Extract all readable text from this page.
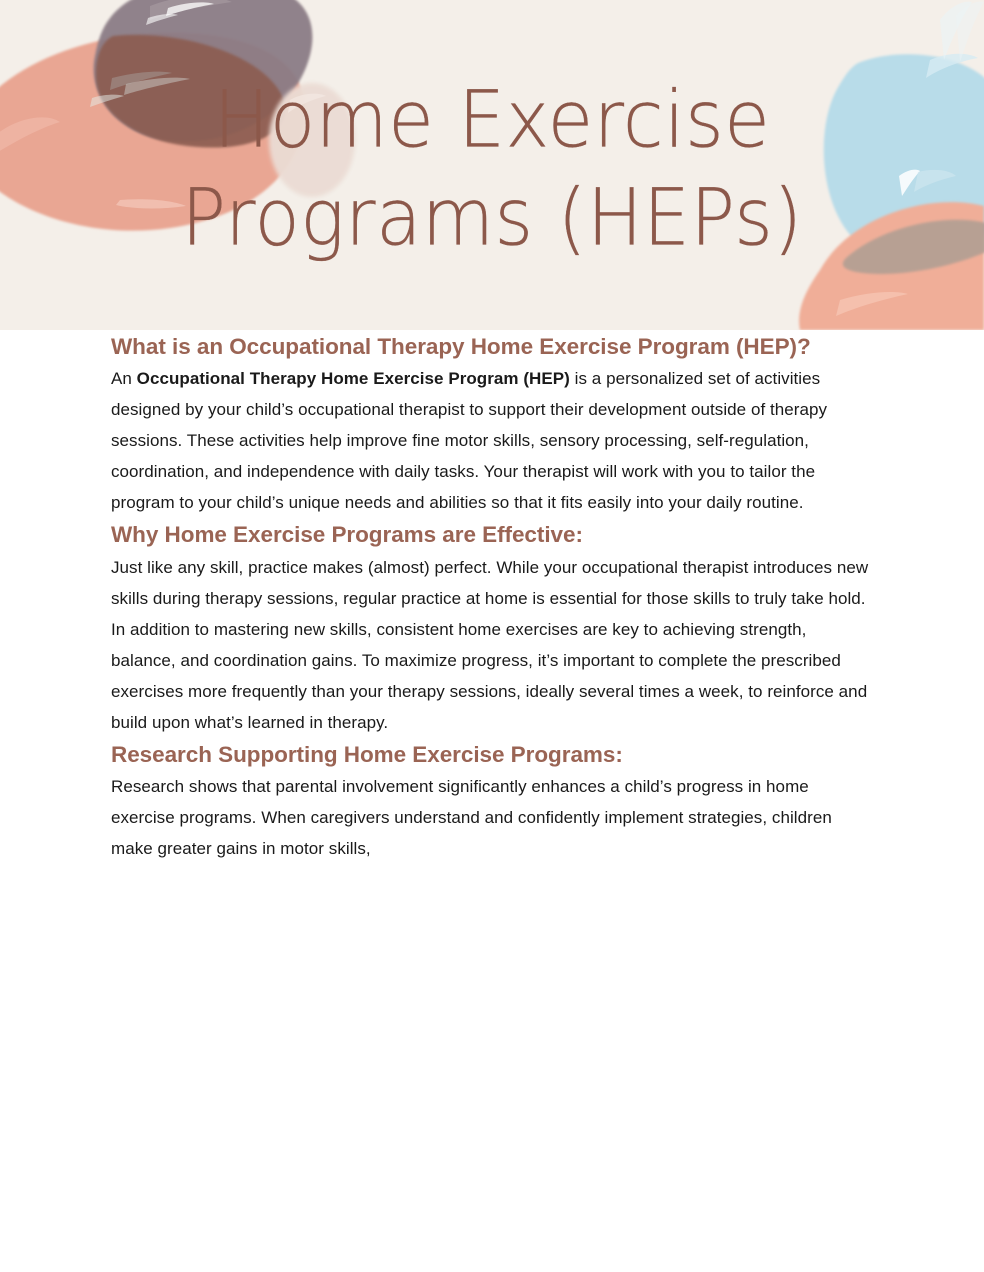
Home Exercise
Programs (HEPs)
What is an Occupational Therapy Home Exercise Program (HEP)?

An Occupational Therapy Home Exercise Program (HEP) is a personalized set of activities designed by your child’s occupational therapist to support their development outside of therapy sessions. These activities help improve fine motor skills, sensory processing, self-regulation, coordination, and independence with daily tasks. Your therapist will work with you to tailor the program to your child’s unique needs and abilities so that it fits easily into your daily routine.

Why Home Exercise Programs are Effective:

Just like any skill, practice makes (almost) perfect. While your occupational therapist introduces new skills during therapy sessions, regular practice at home is essential for those skills to truly take hold. In addition to mastering new skills, consistent home exercises are key to achieving strength, balance, and coordination gains. To maximize progress, it’s important to complete the prescribed exercises more frequently than your therapy sessions, ideally several times a week, to reinforce and build upon what’s learned in therapy.

Research Supporting Home Exercise Programs:

Research shows that parental involvement significantly enhances a child’s progress in home exercise programs. When caregivers understand and confidently implement strategies, children make greater gains in motor skills,
